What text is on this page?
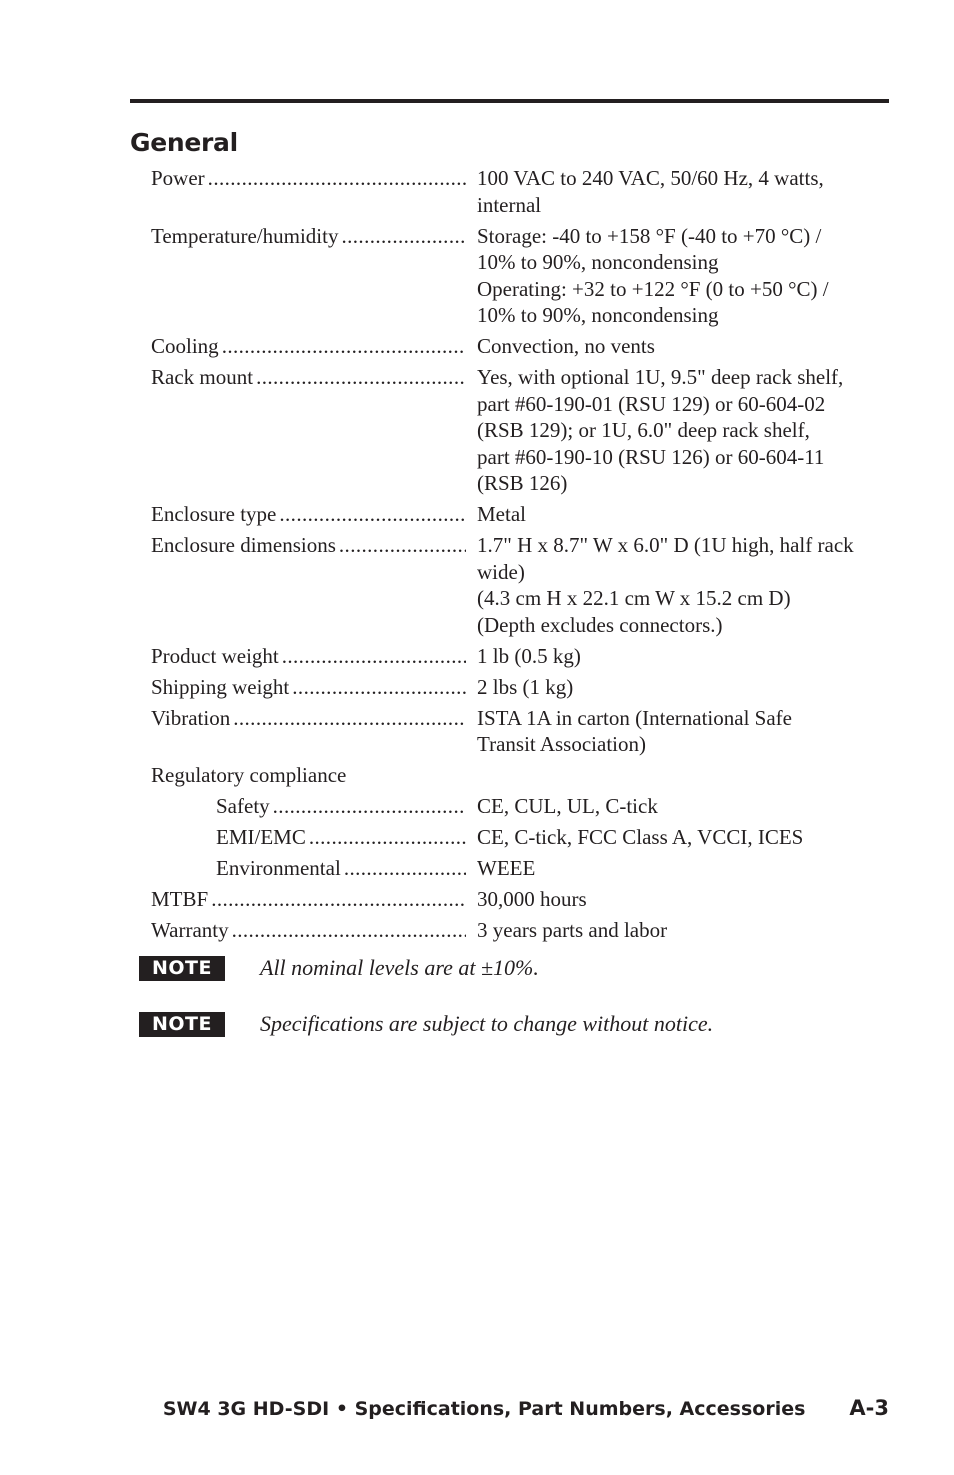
General
Power .....	100 VAC to 240 VAC, 50/60 Hz, 4 watts,
internal
Temperature/humidity .....	Storage: -40 to +158 °F (-40 to +70 °C) /
10% to 90%, noncondensing
Operating: +32 to +122 °F (0 to +50 °C) /
10% to 90%, noncondensing
Cooling .....	Convection, no vents
Rack mount .....	Yes, with optional 1U, 9.5" deep rack shelf,
part #60-190-01 (RSU 129) or 60-604-02
(RSB 129); or 1U, 6.0" deep rack shelf,
part #60-190-10 (RSU 126) or 60-604-11
(RSB 126)
Enclosure type .....	Metal
Enclosure dimensions .....	1.7" H x 8.7" W x 6.0" D (1U high, half rack
wide)
(4.3 cm H x 22.1 cm W x 15.2 cm D)
(Depth excludes connectors.)
Product weight .....	1 lb (0.5 kg)
Shipping weight .....	2 lbs (1 kg)
Vibration .....	ISTA 1A in carton (International Safe
Transit Association)
Regulatory compliance
Safety .....	CE, CUL, UL, C-tick
EMI/EMC .....	CE, C-tick, FCC Class A, VCCI, ICES
Environmental .....	WEEE
MTBF .....	30,000 hours
Warranty .....	3 years parts and labor
NOTE	All nominal levels are at ±10%.
NOTE	Specifications are subject to change without notice.
SW4 3G HD-SDI • Specifications, Part Numbers, Accessories A-3
